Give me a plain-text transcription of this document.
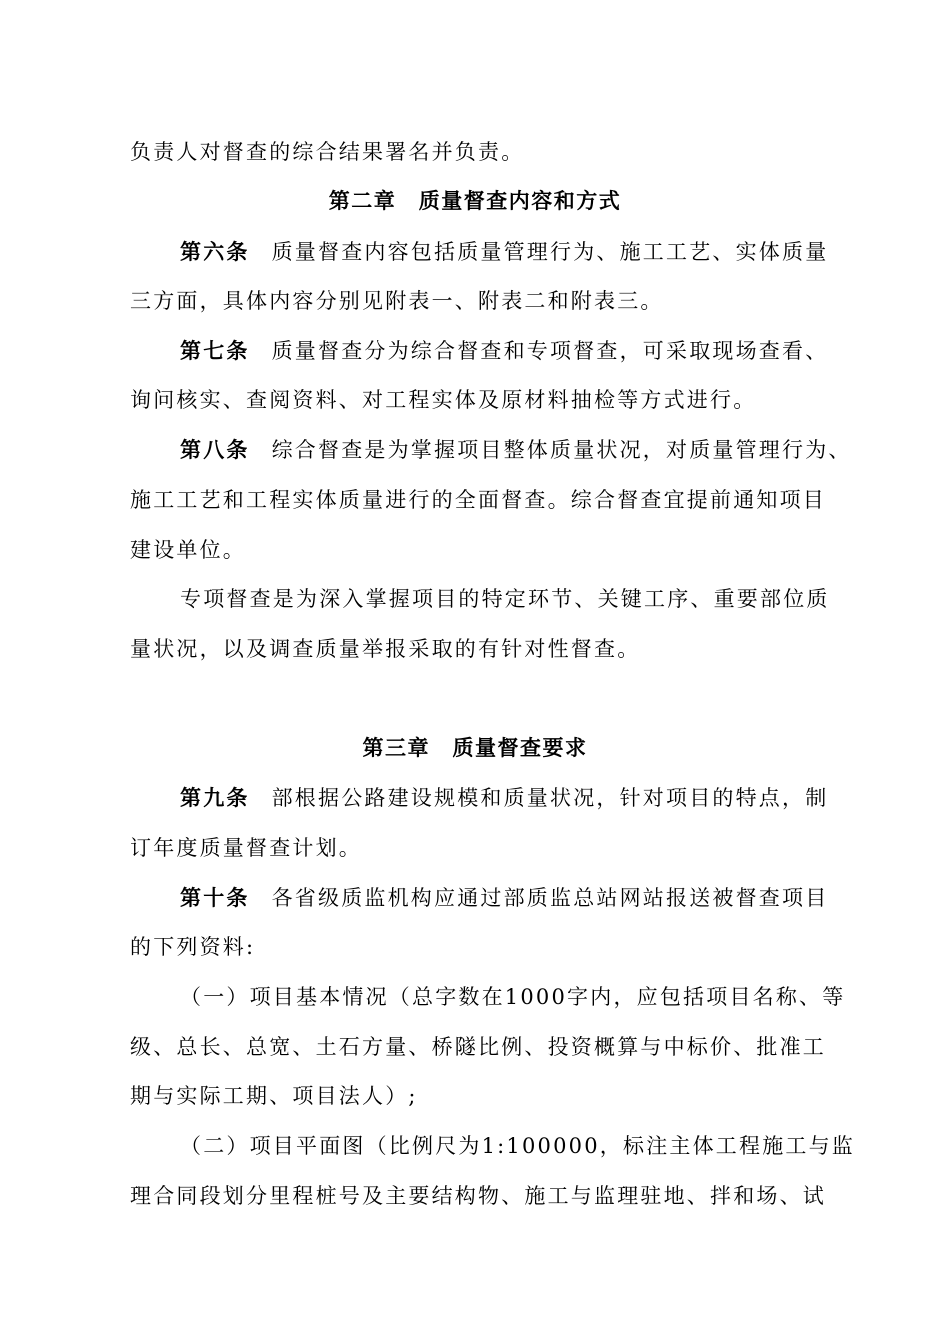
负责人对督查的综合结果署名并负责。
第二章　质量督查内容和方式
第六条 质量督查内容包括质量管理行为、施工工艺、实体质量
三方面，具体内容分别见附表一、附表二和附表三。
第七条 质量督查分为综合督查和专项督查，可采取现场查看、
询问核实、查阅资料、对工程实体及原材料抽检等方式进行。
第八条 综合督查是为掌握项目整体质量状况，对质量管理行为、
施工工艺和工程实体质量进行的全面督查。综合督查宜提前通知项目
建设单位。
专项督查是为深入掌握项目的特定环节、关键工序、重要部位质
量状况，以及调查质量举报采取的有针对性督查。
第三章　质量督查要求
第九条 部根据公路建设规模和质量状况，针对项目的特点，制
订年度质量督查计划。
第十条 各省级质监机构应通过部质监总站网站报送被督查项目
的下列资料:
（一）项目基本情况（总字数在1000字内，应包括项目名称、等
级、总长、总宽、土石方量、桥隧比例、投资概算与中标价、批准工
期与实际工期、项目法人）;
（二）项目平面图（比例尺为1:100000，标注主体工程施工与监
理合同段划分里程桩号及主要结构物、施工与监理驻地、拌和场、试
